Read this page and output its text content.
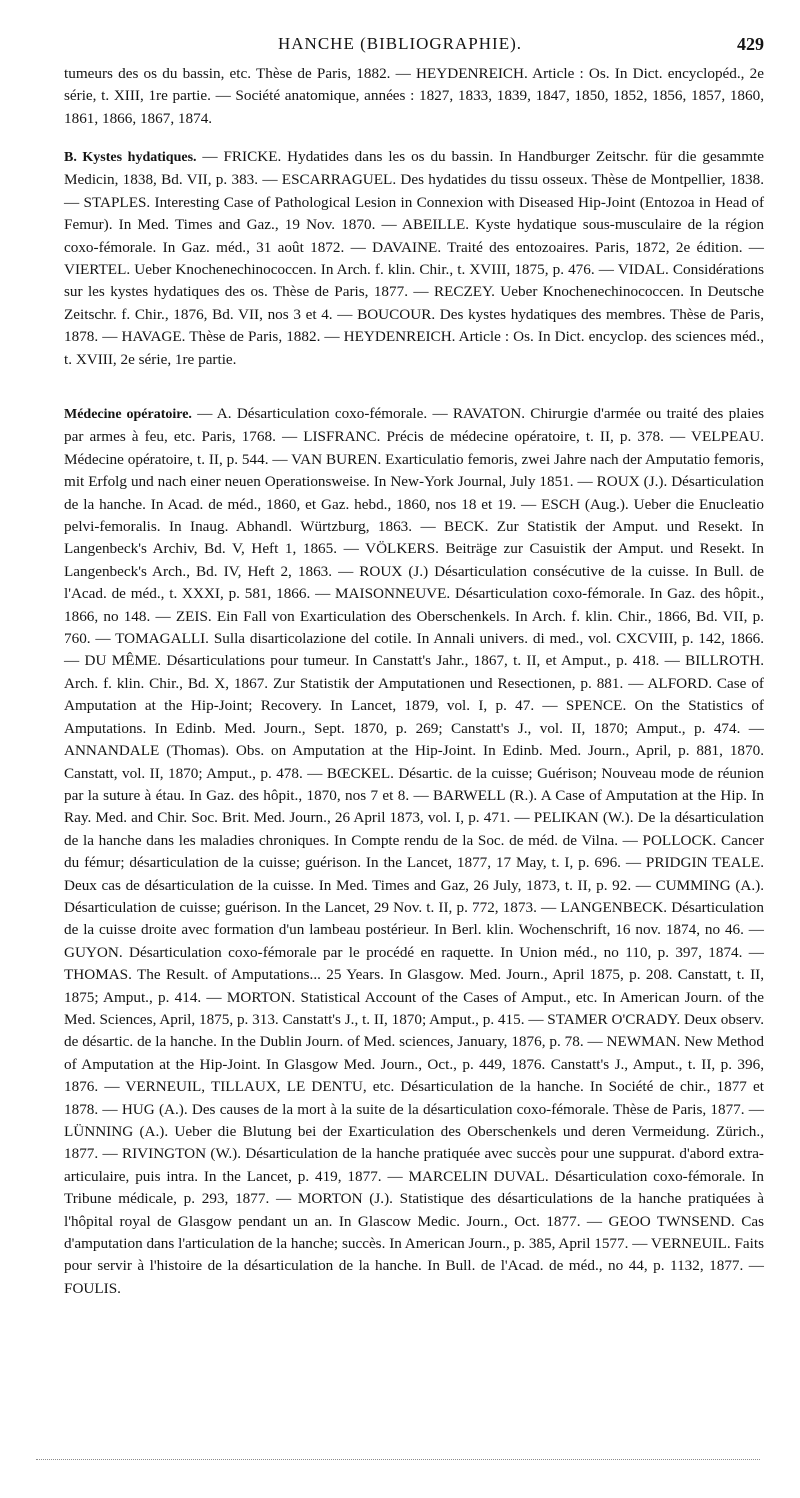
HANCHE (BIBLIOGRAPHIE).	429

tumeurs des os du bassin, etc. Thèse de Paris, 1882. — HEYDENREICH. Article : Os. In Dict. encyclopéd., 2e série, t. XIII, 1re partie. — Société anatomique, années : 1827, 1833, 1839, 1847, 1850, 1852, 1856, 1857, 1860, 1861, 1866, 1867, 1874.

B. Kystes hydatiques. — FRICKE. Hydatides dans les os du bassin. In Handburger Zeitschr. für die gesammte Medicin, 1838, Bd. VII, p. 383. — ESCARRAGUEL. Des hydatides du tissu osseux. Thèse de Montpellier, 1838. — STAPLES. Interesting Case of Pathological Lesion in Connexion with Diseased Hip-Joint (Entozoa in Head of Femur). In Med. Times and Gaz., 19 Nov. 1870. — ABEILLE. Kyste hydatique sous-musculaire de la région coxo-fémorale. In Gaz. méd., 31 août 1872. — DAVAINE. Traité des entozoaires. Paris, 1872, 2e édition. — VIERTEL. Ueber Knochenechinococcen. In Arch. f. klin. Chir., t. XVIII, 1875, p. 476. — VIDAL. Considérations sur les kystes hydatiques des os. Thèse de Paris, 1877. — RECZEY. Ueber Knochenechinococcen. In Deutsche Zeitschr. f. Chir., 1876, Bd. VII, nos 3 et 4. — BOUCOUR. Des kystes hydatiques des membres. Thèse de Paris, 1878. — HAVAGE. Thèse de Paris, 1882. — HEYDENREICH. Article : Os. In Dict. encyclop. des sciences méd., t. XVIII, 2e série, 1re partie.

Médecine opératoire. — A. Désarticulation coxo-fémorale. — RAVATON. Chirurgie d'armée ou traité des plaies par armes à feu, etc. Paris, 1768. — LISFRANC. Précis de médecine opératoire, t. II, p. 378. — VELPEAU. Médecine opératoire, t. II, p. 544. — VAN BUREN. Exarticulatio femoris, zwei Jahre nach der Amputatio femoris, mit Erfolg und nach einer neuen Operationsweise. In New-York Journal, July 1851. — ROUX (J.). Désarticulation de la hanche. In Acad. de méd., 1860, et Gaz. hebd., 1860, nos 18 et 19. — ESCH (Aug.). Ueber die Enucleatio pelvi-femoralis. In Inaug. Abhandl. Würtzburg, 1863. — BECK. Zur Statistik der Amput. und Resekt. In Langenbeck's Archiv, Bd. V, Heft 1, 1865. — VÖLKERS. Beiträge zur Casuistik der Amput. und Resekt. In Langenbeck's Arch., Bd. IV, Heft 2, 1863. — ROUX (J.) Désarticulation consécutive de la cuisse. In Bull. de l'Acad. de méd., t. XXXI, p. 581, 1866. — MAISONNEUVE. Désarticulation coxo-fémorale. In Gaz. des hôpit., 1866, no 148. — ZEIS. Ein Fall von Exarticulation des Oberschenkels. In Arch. f. klin. Chir., 1866, Bd. VII, p. 760. — TOMAGALLI. Sulla disarticolazione del cotile. In Annali univers. di med., vol. CXCVIII, p. 142, 1866. — DU MÊME. Désarticulations pour tumeur. In Canstatt's Jahr., 1867, t. II, et Amput., p. 418. — BILLROTH. Arch. f. klin. Chir., Bd. X, 1867. Zur Statistik der Amputationen und Resectionen, p. 881. — ALFORD. Case of Amputation at the Hip-Joint; Recovery. In Lancet, 1879, vol. I, p. 47. — SPENCE. On the Statistics of Amputations. In Edinb. Med. Journ., Sept. 1870, p. 269; Canstatt's J., vol. II, 1870; Amput., p. 474. — ANNANDALE (Thomas). Obs. on Amputation at the Hip-Joint. In Edinb. Med. Journ., April, p. 881, 1870. Canstatt, vol. II, 1870; Amput., p. 478. — BŒCKEL. Désartic. de la cuisse; Guérison; Nouveau mode de réunion par la suture à étau. In Gaz. des hôpit., 1870, nos 7 et 8. — BARWELL (R.). A Case of Amputation at the Hip. In Ray. Med. and Chir. Soc. Brit. Med. Journ., 26 April 1873, vol. I, p. 471. — PELIKAN (W.). De la désarticulation de la hanche dans les maladies chroniques. In Compte rendu de la Soc. de méd. de Vilna. — POLLOCK. Cancer du fémur; désarticulation de la cuisse; guérison. In the Lancet, 1877, 17 May, t. I, p. 696. — PRIDGIN TEALE. Deux cas de désarticulation de la cuisse. In Med. Times and Gaz, 26 July, 1873, t. II, p. 92. — CUMMING (A.). Désarticulation de cuisse; guérison. In the Lancet, 29 Nov. t. II, p. 772, 1873. — LANGENBECK. Désarticulation de la cuisse droite avec formation d'un lambeau postérieur. In Berl. klin. Wochenschrift, 16 nov. 1874, no 46. — GUYON. Désarticulation coxo-fémorale par le procédé en raquette. In Union méd., no 110, p. 397, 1874. — THOMAS. The Result. of Amputations... 25 Years. In Glasgow. Med. Journ., April 1875, p. 208. Canstatt, t. II, 1875; Amput., p. 414. — MORTON. Statistical Account of the Cases of Amput., etc. In American Journ. of the Med. Sciences, April, 1875, p. 313. Canstatt's J., t. II, 1870; Amput., p. 415. — STAMER O'CRADY. Deux observ. de désartic. de la hanche. In the Dublin Journ. of Med. sciences, January, 1876, p. 78. — NEWMAN. New Method of Amputation at the Hip-Joint. In Glasgow Med. Journ., Oct., p. 449, 1876. Canstatt's J., Amput., t. II, p. 396, 1876. — VERNEUIL, TILLAUX, LE DENTU, etc. Désarticulation de la hanche. In Société de chir., 1877 et 1878. — HUG (A.). Des causes de la mort à la suite de la désarticulation coxo-fémorale. Thèse de Paris, 1877. — LÜNNING (A.). Ueber die Blutung bei der Exarticulation des Oberschenkels und deren Vermeidung. Zürich., 1877. — RIVINGTON (W.). Désarticulation de la hanche pratiquée avec succès pour une suppurat. d'abord extra-articulaire, puis intra. In the Lancet, p. 419, 1877. — MARCELIN DUVAL. Désarticulation coxo-fémorale. In Tribune médicale, p. 293, 1877. — MORTON (J.). Statistique des désarticulations de la hanche pratiquées à l'hôpital royal de Glasgow pendant un an. In Glascow Medic. Journ., Oct. 1877. — GEOO TWNSEND. Cas d'amputation dans l'articulation de la hanche; succès. In American Journ., p. 385, April 1577. — VERNEUIL. Faits pour servir à l'histoire de la désarticulation de la hanche. In Bull. de l'Acad. de méd., no 44, p. 1132, 1877. — FOULIS.
